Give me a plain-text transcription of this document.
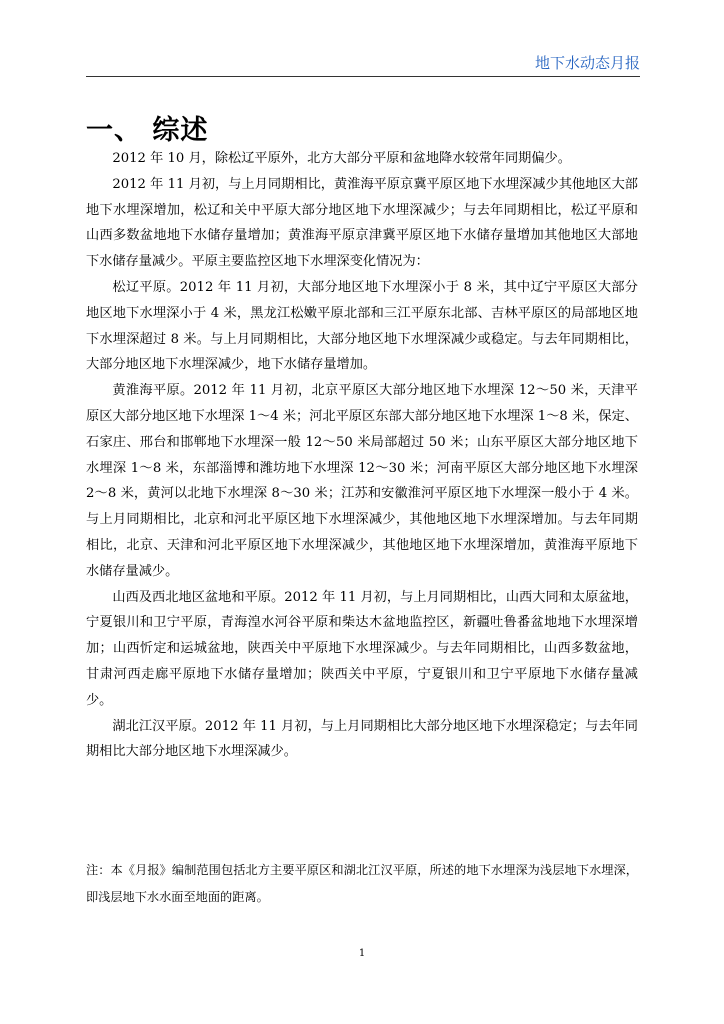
地下水动态月报
一、 综述

2012 年 10 月，除松辽平原外，北方大部分平原和盆地降水较常年同期偏少。

2012 年 11 月初，与上月同期相比，黄淮海平原京冀平原区地下水埋深减少其他地区大部地下水埋深增加，松辽和关中平原大部分地区地下水埋深减少；与去年同期相比，松辽平原和山西多数盆地地下水储存量增加；黄淮海平原京津冀平原区地下水储存量增加其他地区大部地下水储存量减少。平原主要监控区地下水埋深变化情况为：

松辽平原。2012 年 11 月初，大部分地区地下水埋深小于 8 米，其中辽宁平原区大部分地区地下水埋深小于 4 米，黑龙江松嫩平原北部和三江平原东北部、吉林平原区的局部地区地下水埋深超过 8 米。与上月同期相比，大部分地区地下水埋深减少或稳定。与去年同期相比，大部分地区地下水埋深减少，地下水储存量增加。

黄淮海平原。2012 年 11 月初，北京平原区大部分地区地下水埋深 12～50 米，天津平原区大部分地区地下水埋深 1～4 米；河北平原区东部大部分地区地下水埋深 1～8 米，保定、石家庄、邢台和邯郸地下水埋深一般 12～50 米局部超过 50 米；山东平原区大部分地区地下水埋深 1～8 米，东部淄博和潍坊地下水埋深 12～30 米；河南平原区大部分地区地下水埋深 2～8 米，黄河以北地下水埋深 8～30 米；江苏和安徽淮河平原区地下水埋深一般小于 4 米。与上月同期相比，北京和河北平原区地下水埋深减少，其他地区地下水埋深增加。与去年同期相比，北京、天津和河北平原区地下水埋深减少，其他地区地下水埋深增加，黄淮海平原地下水储存量减少。

山西及西北地区盆地和平原。2012 年 11 月初，与上月同期相比，山西大同和太原盆地，宁夏银川和卫宁平原，青海湟水河谷平原和柴达木盆地监控区，新疆吐鲁番盆地地下水埋深增加；山西忻定和运城盆地，陕西关中平原地下水埋深减少。与去年同期相比，山西多数盆地，甘肃河西走廊平原地下水储存量增加；陕西关中平原，宁夏银川和卫宁平原地下水储存量减少。

湖北江汉平原。2012 年 11 月初，与上月同期相比大部分地区地下水埋深稳定；与去年同期相比大部分地区地下水埋深减少。

注：本《月报》编制范围包括北方主要平原区和湖北江汉平原，所述的地下水埋深为浅层地下水埋深，即浅层地下水水面至地面的距离。

1
